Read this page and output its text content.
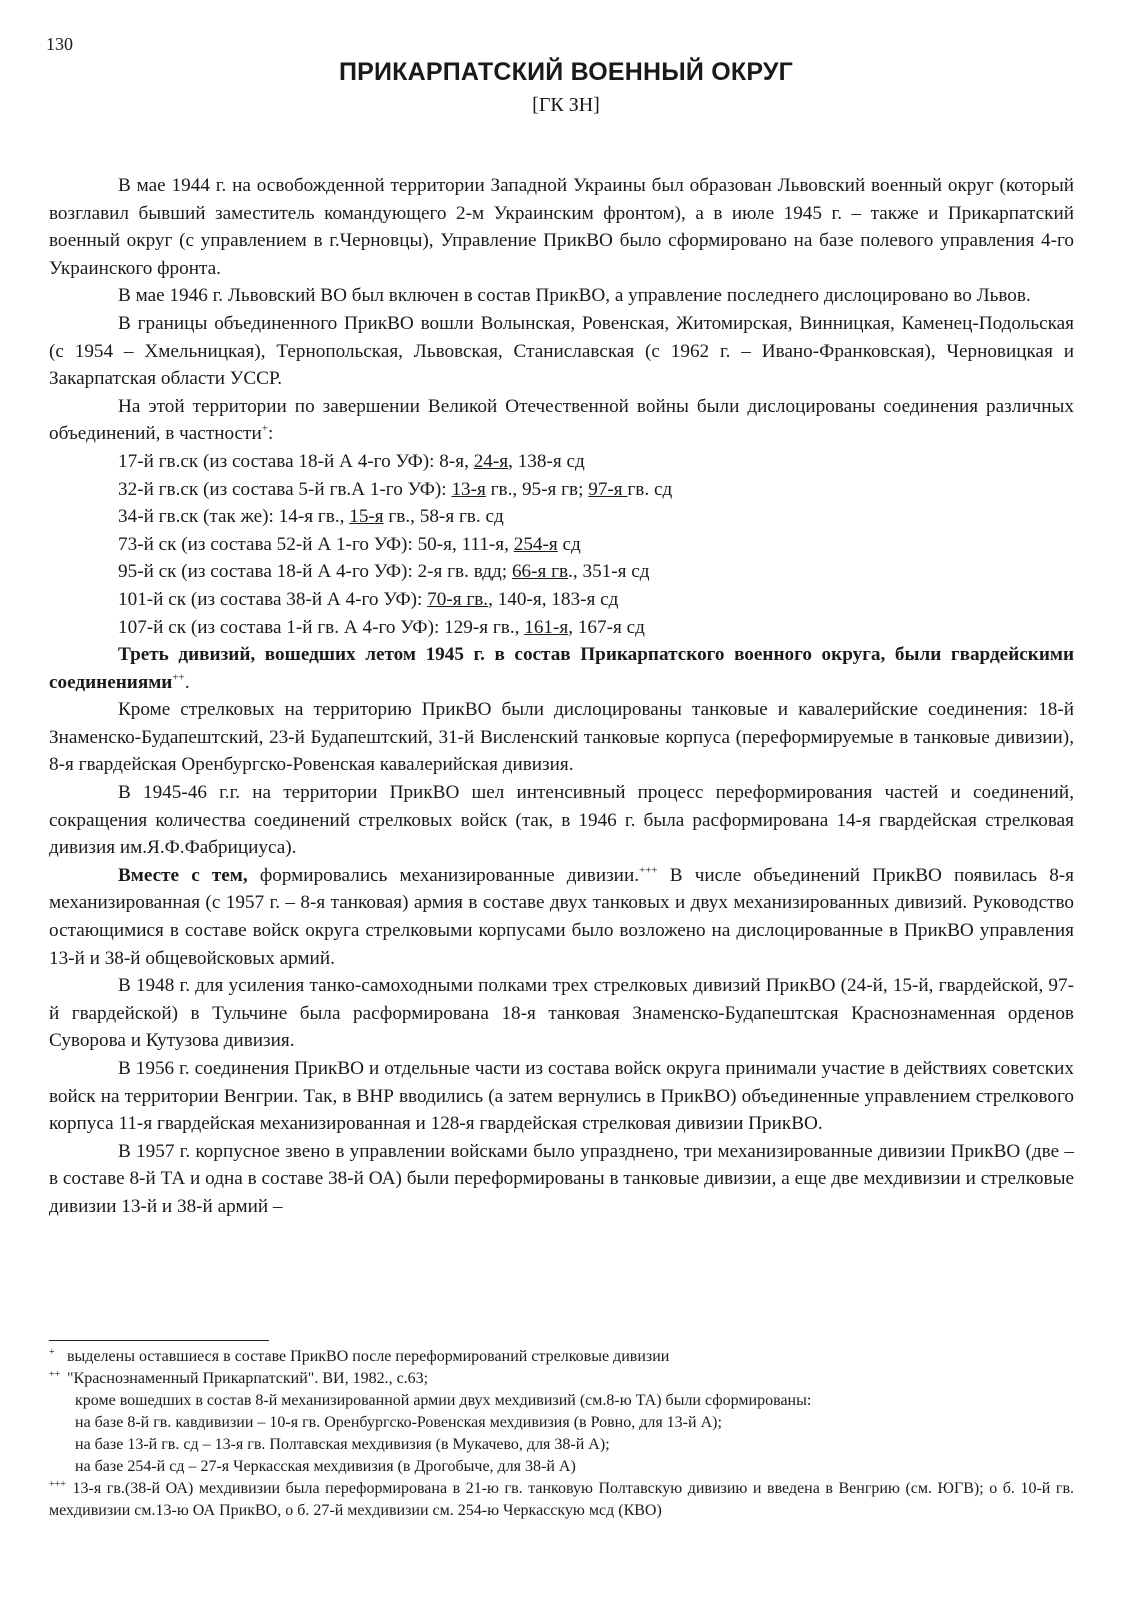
130
ПРИКАРПАТСКИЙ ВОЕННЫЙ ОКРУГ
[ГК ЗН]

В мае 1944 г. на освобожденной территории Западной Украины был образован Львовский военный округ (который возглавил бывший заместитель командующего 2-м Украинским фронтом), а в июле 1945 г. – также и Прикарпатский военный округ (с управлением в г.Черновцы), Управление ПрикВО было сформировано на базе полевого управления 4-го Украинского фронта.

В мае 1946 г. Львовский ВО был включен в состав ПрикВО, а управление последнего дислоцировано во Львов.

В границы объединенного ПрикВО вошли Волынская, Ровенская, Житомирская, Винницкая, Каменец-Подольская (с 1954 – Хмельницкая), Тернопольская, Львовская, Станиславская (с 1962 г. – Ивано-Франковская), Черновицкая и Закарпатская области УССР.

На этой территории по завершении Великой Отечественной войны были дислоцированы соединения различных объединений, в частности+:

17-й гв.ск (из состава 18-й А 4-го УФ): 8-я, 24-я, 138-я сд

32-й гв.ск (из состава 5-й гв.А 1-го УФ): 13-я гв., 95-я гв; 97-я гв. сд

34-й гв.ск (так же): 14-я гв., 15-я гв., 58-я гв. сд

73-й ск (из состава 52-й А 1-го УФ): 50-я, 111-я, 254-я сд

95-й ск (из состава 18-й А 4-го УФ): 2-я гв. вдд; 66-я гв., 351-я сд

101-й ск (из состава 38-й А 4-го УФ): 70-я гв., 140-я, 183-я сд

107-й ск (из состава 1-й гв. А 4-го УФ): 129-я гв., 161-я, 167-я сд

Треть дивизий, вошедших летом 1945 г. в состав Прикарпатского военного округа, были гвардейскими соединениями++.

Кроме стрелковых на территорию ПрикВО были дислоцированы танковые и кавалерийские соединения: 18-й Знаменско-Будапештский, 23-й Будапештский, 31-й Висленский танковые корпуса (переформируемые в танковые дивизии), 8-я гвардейская Оренбургско-Ровенская кавалерийская дивизия.

В 1945-46 г.г. на территории ПрикВО шел интенсивный процесс переформирования частей и соединений, сокращения количества соединений стрелковых войск (так, в 1946 г. была расформирована 14-я гвардейская стрелковая дивизия им.Я.Ф.Фабрициуса).

Вместе с тем, формировались механизированные дивизии.+++ В числе объединений ПрикВО появилась 8-я механизированная (с 1957 г. – 8-я танковая) армия в составе двух танковых и двух механизированных дивизий. Руководство остающимися в составе войск округа стрелковыми корпусами было возложено на дислоцированные в ПрикВО управления 13-й и 38-й общевойсковых армий.

В 1948 г. для усиления танко-самоходными полками трех стрелковых дивизий ПрикВО (24-й, 15-й, гвардейской, 97-й гвардейской) в Тульчине была расформирована 18-я танковая Знаменско-Будапештская Краснознаменная орденов Суворова и Кутузова дивизия.

В 1956 г. соединения ПрикВО и отдельные части из состава войск округа принимали участие в действиях советских войск на территории Венгрии. Так, в ВНР вводились (а затем вернулись в ПрикВО) объединенные управлением стрелкового корпуса 11-я гвардейская механизированная и 128-я гвардейская стрелковая дивизии ПрикВО.

В 1957 г. корпусное звено в управлении войсками было упразднено, три механизированные дивизии ПрикВО (две – в составе 8-й ТА и одна в составе 38-й ОА) были переформированы в танковые дивизии, а еще две мехдивизии и стрелковые дивизии 13-й и 38-й армий –

+ выделены оставшиеся в составе ПрикВО после переформирований стрелковые дивизии

++ "Краснознаменный Прикарпатский". ВИ, 1982., с.63;

кроме вошедших в состав 8-й механизированной армии двух мехдивизий (см.8-ю ТА) были сформированы:

на базе 8-й гв. кавдивизии – 10-я гв. Оренбургско-Ровенская мехдивизия (в Ровно, для 13-й А);

на базе 13-й гв. сд – 13-я гв. Полтавская мехдивизия (в Мукачево, для 38-й А);

на базе 254-й сд – 27-я Черкасская мехдивизия (в Дрогобыче, для 38-й А)

+++ 13-я гв.(38-й ОА) мехдивизии была переформирована в 21-ю гв. танковую Полтавскую дивизию и введена в Венгрию (см. ЮГВ); о б. 10-й гв. мехдивизии см.13-ю ОА ПрикВО, о б. 27-й мехдивизии см. 254-ю Черкасскую мсд (КВО)
